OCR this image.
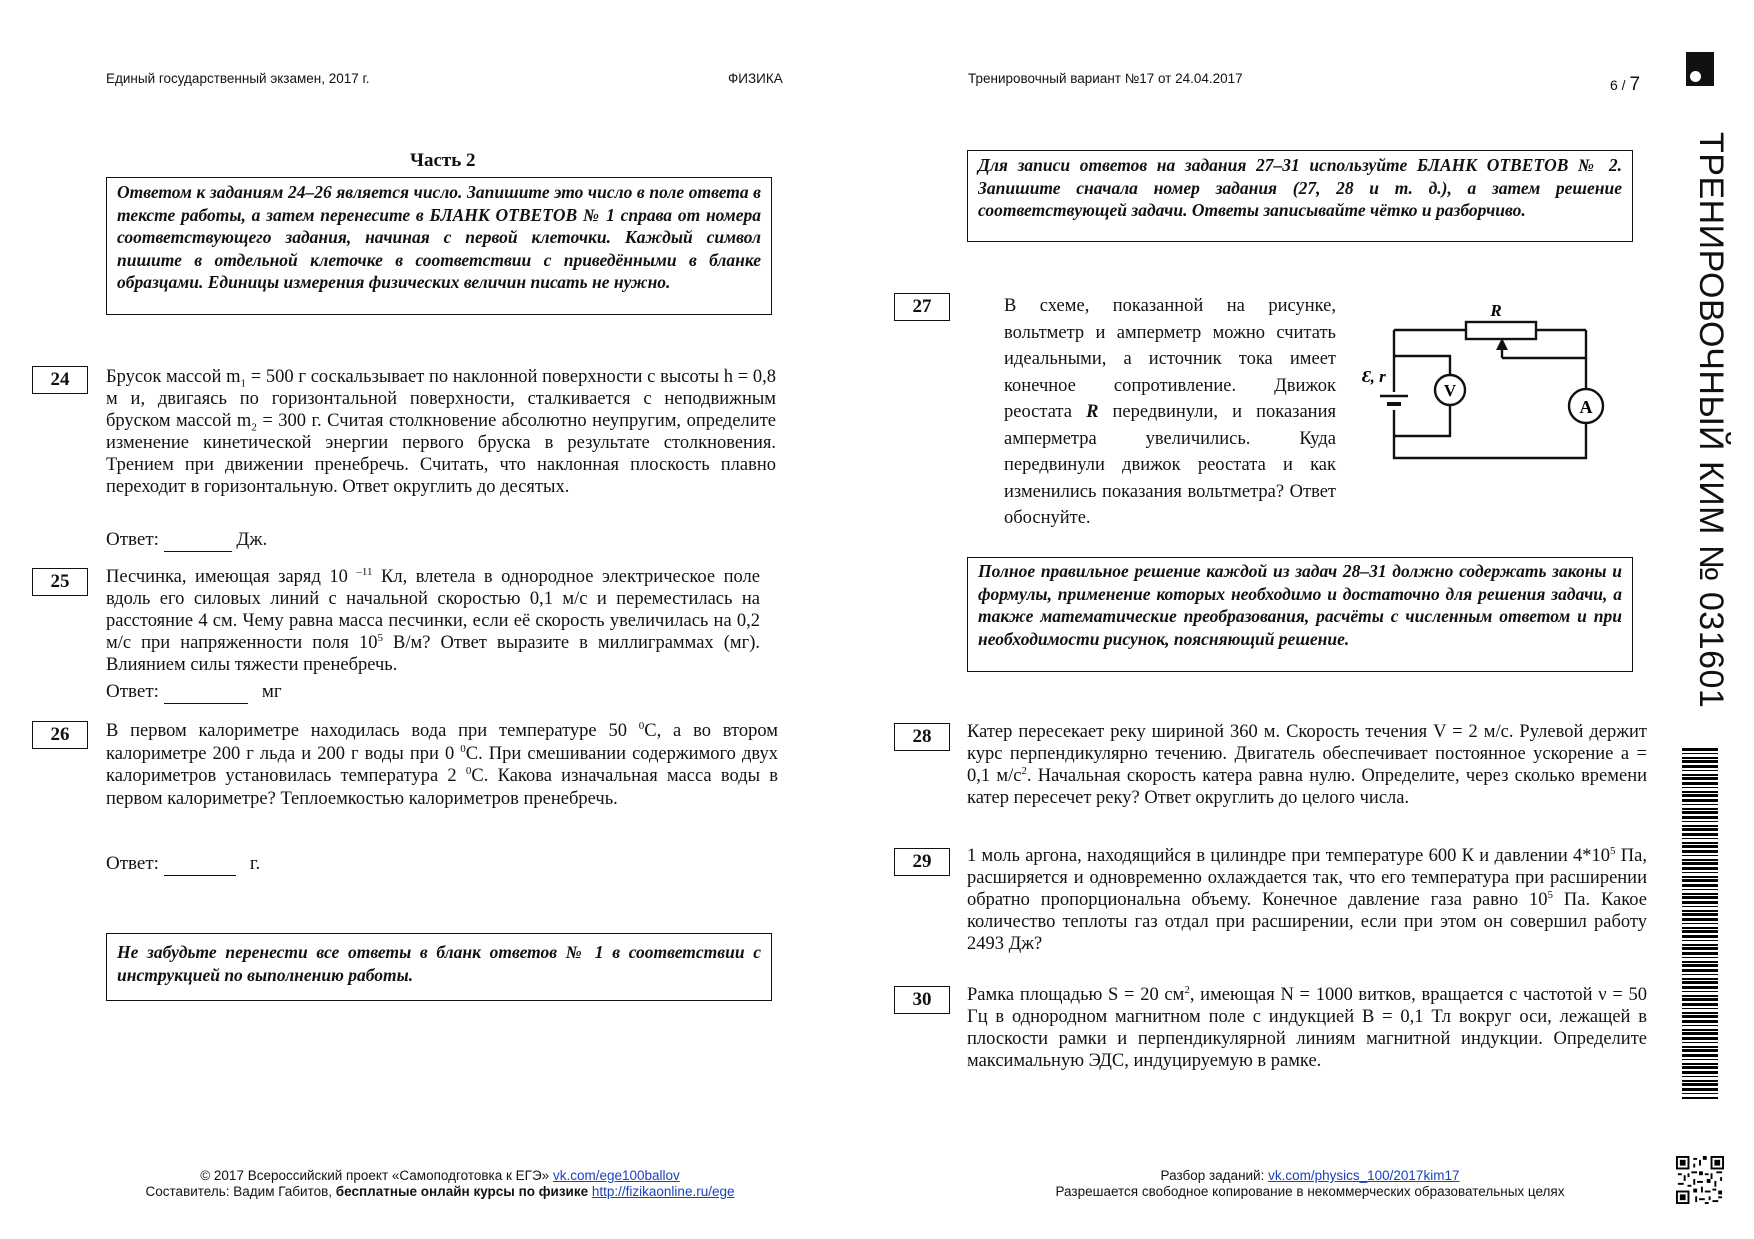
Единый государственный экзамен, 2017 г.	ФИЗИКА	Тренировочный вариант №17 от 24.04.2017	6 / 7
ТРЕНИРОВОЧНЫЙ КИМ № 031601
Часть 2

Ответом к заданиям 24–26 является число. Запишите это число в поле ответа в тексте работы, а затем перенесите в БЛАНК ОТВЕТОВ № 1 справа от номера соответствующего задания, начиная с первой клеточки. Каждый символ пишите в отдельной клеточке в соответствии с приведёнными в бланке образцами. Единицы измерения физических величин писать не нужно.

24	Брусок массой $m_1 = 500$ г соскальзывает по наклонной поверхности с высоты h = 0,8 м и, двигаясь по горизонтальной поверхности, сталкивается с неподвижным бруском массой $m_2 = 300$ г. Считая столкновение абсолютно неупругим, определите изменение кинетической энергии первого бруска в результате столкновения. Трением при движении пренебречь. Считать, что наклонная плоскость плавно переходит в горизонтальную. Ответ округлить до десятых.

Ответ:	Дж.
25	Песчинка, имеющая заряд 10 $^{-11}$ Кл, влетела в однородное электрическое поле вдоль его силовых линий с начальной скоростью 0,1 м/с и переместилась на расстояние 4 см. Чему равна масса песчинки, если её скорость увеличилась на 0,2 м/с при напряженности поля $10^5$ В/м? Ответ выразите в миллиграммах (мг). Влиянием силы тяжести пренебречь.

Ответ:	мг
26	В первом калориметре находилась вода при температуре 50 $^0$С, а во втором калориметре 200 г льда и 200 г воды при 0 $^0$С. При смешивании содержимого двух калориметров установилась температура 2 $^0$С. Какова изначальная масса воды в первом калориметре? Теплоемкостью калориметров пренебречь.

Ответ:	г.

Не забудьте перенести все ответы в бланк ответов № 1 в соответствии с инструкцией по выполнению работы.

Для записи ответов на задания 27–31 используйте БЛАНК ОТВЕТОВ № 2. Запишите сначала номер задания (27, 28 и т. д.), а затем решение соответствующей задачи. Ответы записывайте чётко и разборчиво.

27	В схеме, показанной на рисунке, вольтметр и амперметр можно считать идеальными, а источник тока имеет конечное сопротивление. Движок реостата R передвинули, и показания амперметра увеличились. Куда передвинули движок реостата и как изменились показания вольтметра? Ответ обоснуйте.

V
A
R
Ɛ, r

Полное правильное решение каждой из задач 28–31 должно содержать законы и формулы, применение которых необходимо и достаточно для решения задачи, а также математические преобразования, расчёты с численным ответом и при необходимости рисунок, поясняющий решение.

28	Катер пересекает реку шириной 360 м. Скорость течения V = 2 м/с. Рулевой держит курс перпендикулярно течению. Двигатель обеспечивает постоянное ускорение a = 0,1 $м/с^2$. Начальная скорость катера равна нулю. Определите, через сколько времени катер пересечет реку? Ответ округлить до целого числа.

29	1 моль аргона, находящийся в цилиндре при температуре 600 К и давлении $4*10^5$ Па, расширяется и одновременно охлаждается так, что его температура при расширении обратно пропорциональна объему. Конечное давление газа равно $10^5$ Па. Какое количество теплоты газ отдал при расширении, если при этом он совершил работу 2493 Дж?

30	Рамка площадью S = 20 $см^2$, имеющая N = 1000 витков, вращается с частотой ν = 50 Гц в однородном магнитном поле с индукцией B = 0,1 Тл вокруг оси, лежащей в плоскости рамки и перпендикулярной линиям магнитной индукции. Определите максимальную ЭДС, индуцируемую в рамке.

© 2017 Всероссийский проект «Самоподготовка к ЕГЭ» vk.com/ege100ballov
Составитель: Вадим Габитов, бесплатные онлайн курсы по физике http://fizikaonline.ru/ege
Разбор заданий: vk.com/physics_100/2017kim17
Разрешается свободное копирование в некоммерческих образовательных целях
